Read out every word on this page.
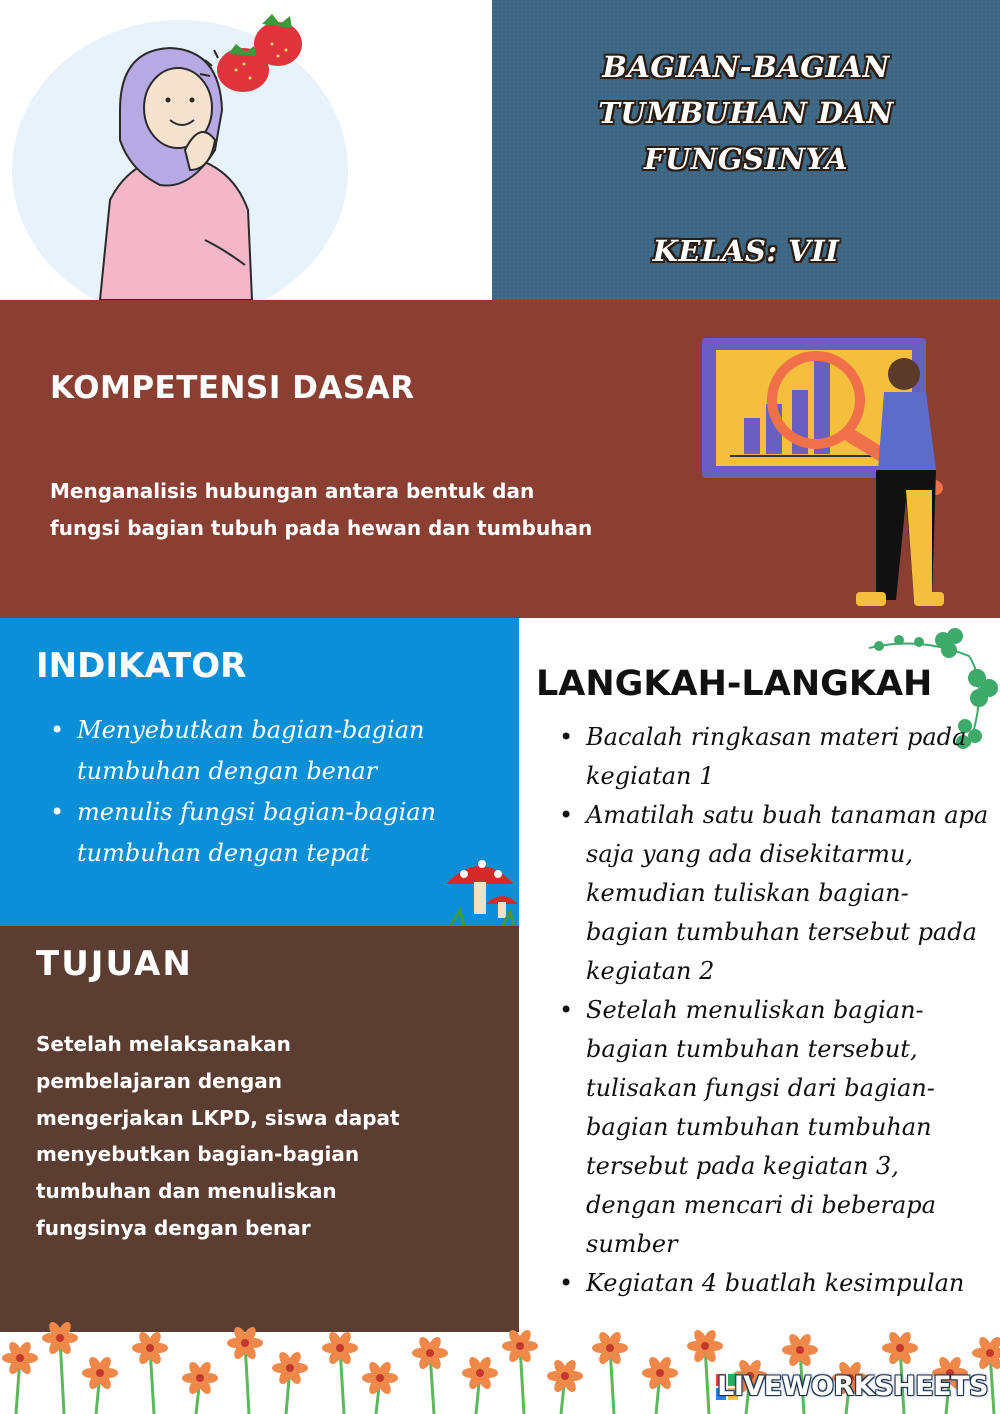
BAGIAN-BAGIAN
TUMBUHAN DAN
FUNGSINYA
KELAS: VII
KOMPETENSI DASAR
Menganalisis hubungan antara bentuk dan
fungsi bagian tubuh pada hewan dan tumbuhan
INDIKATOR
• Menyebutkan bagian-bagian
tumbuhan dengan benar
• menulis fungsi bagian-bagian
tumbuhan dengan tepat
TUJUAN
Setelah melaksanakan
pembelajaran dengan
mengerjakan LKPD, siswa dapat
menyebutkan bagian-bagian
tumbuhan dan menuliskan
fungsinya dengan benar
LANGKAH-LANGKAH
• Bacalah ringkasan materi pada
kegiatan 1
• Amatilah satu buah tanaman apa
saja yang ada disekitarmu,
kemudian tuliskan bagian-
bagian tumbuhan tersebut pada
kegiatan 2
• Setelah menuliskan bagian-
bagian tumbuhan tersebut,
tulisakan fungsi dari bagian-
bagian tumbuhan tumbuhan
tersebut pada kegiatan 3,
dengan mencari di beberapa
sumber
• Kegiatan 4 buatlah kesimpulan
LIVEWORKSHEETS
